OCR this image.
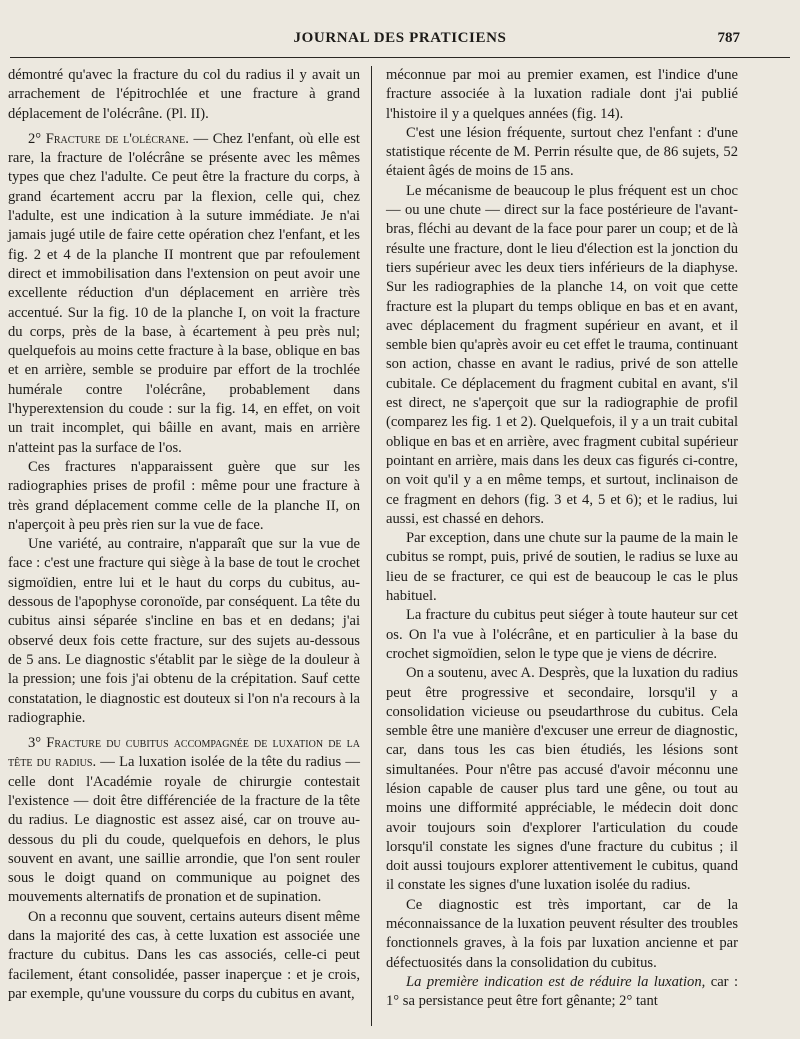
JOURNAL DES PRATICIENS	787

démontré qu'avec la fracture du col du radius il y avait un arrachement de l'épitrochlée et une fracture à grand déplacement de l'olécrâne. (Pl. II).

2° Fracture de l'olécrane. — Chez l'enfant, où elle est rare, la fracture de l'olécrâne se présente avec les mêmes types que chez l'adulte. Ce peut être la fracture du corps, à grand écartement accru par la flexion, celle qui, chez l'adulte, est une indication à la suture immédiate. Je n'ai jamais jugé utile de faire cette opération chez l'enfant, et les fig. 2 et 4 de la planche II montrent que par refoulement direct et immobilisation dans l'extension on peut avoir une excellente réduction d'un déplacement en arrière très accentué. Sur la fig. 10 de la planche I, on voit la fracture du corps, près de la base, à écartement à peu près nul; quelquefois au moins cette fracture à la base, oblique en bas et en arrière, semble se produire par effort de la trochlée humérale contre l'olécrâne, probablement dans l'hyperextension du coude : sur la fig. 14, en effet, on voit un trait incomplet, qui bâille en avant, mais en arrière n'atteint pas la surface de l'os.

Ces fractures n'apparaissent guère que sur les radiographies prises de profil : même pour une fracture à très grand déplacement comme celle de la planche II, on n'aperçoit à peu près rien sur la vue de face.

Une variété, au contraire, n'apparaît que sur la vue de face : c'est une fracture qui siège à la base de tout le crochet sigmoïdien, entre lui et le haut du corps du cubitus, au-dessous de l'apophyse coronoïde, par conséquent. La tête du cubitus ainsi séparée s'incline en bas et en dedans; j'ai observé deux fois cette fracture, sur des sujets au-dessous de 5 ans. Le diagnostic s'établit par le siège de la douleur à la pression; une fois j'ai obtenu de la crépitation. Sauf cette constatation, le diagnostic est douteux si l'on n'a recours à la radiographie.

3° Fracture du cubitus accompagnée de luxation de la tête du radius. — La luxation isolée de la tête du radius — celle dont l'Académie royale de chirurgie contestait l'existence — doit être différenciée de la fracture de la tête du radius. Le diagnostic est assez aisé, car on trouve au-dessous du pli du coude, quelquefois en dehors, le plus souvent en avant, une saillie arrondie, que l'on sent rouler sous le doigt quand on communique au poignet des mouvements alternatifs de pronation et de supination.

On a reconnu que souvent, certains auteurs disent même dans la majorité des cas, à cette luxation est associée une fracture du cubitus. Dans les cas associés, celle-ci peut facilement, étant consolidée, passer inaperçue : et je crois, par exemple, qu'une voussure du corps du cubitus en avant,

méconnue par moi au premier examen, est l'indice d'une fracture associée à la luxation radiale dont j'ai publié l'histoire il y a quelques années (fig. 14).

C'est une lésion fréquente, surtout chez l'enfant : d'une statistique récente de M. Perrin résulte que, de 86 sujets, 52 étaient âgés de moins de 15 ans.

Le mécanisme de beaucoup le plus fréquent est un choc — ou une chute — direct sur la face postérieure de l'avant-bras, fléchi au devant de la face pour parer un coup; et de là résulte une fracture, dont le lieu d'élection est la jonction du tiers supérieur avec les deux tiers inférieurs de la diaphyse. Sur les radiographies de la planche 14, on voit que cette fracture est la plupart du temps oblique en bas et en avant, avec déplacement du fragment supérieur en avant, et il semble bien qu'après avoir eu cet effet le trauma, continuant son action, chasse en avant le radius, privé de son attelle cubitale. Ce déplacement du fragment cubital en avant, s'il est direct, ne s'aperçoit que sur la radiographie de profil (comparez les fig. 1 et 2). Quelquefois, il y a un trait cubital oblique en bas et en arrière, avec fragment cubital supérieur pointant en arrière, mais dans les deux cas figurés ci-contre, on voit qu'il y a en même temps, et surtout, inclinaison de ce fragment en dehors (fig. 3 et 4, 5 et 6); et le radius, lui aussi, est chassé en dehors.

Par exception, dans une chute sur la paume de la main le cubitus se rompt, puis, privé de soutien, le radius se luxe au lieu de se fracturer, ce qui est de beaucoup le cas le plus habituel.

La fracture du cubitus peut siéger à toute hauteur sur cet os. On l'a vue à l'olécrâne, et en particulier à la base du crochet sigmoïdien, selon le type que je viens de décrire.

On a soutenu, avec A. Desprès, que la luxation du radius peut être progressive et secondaire, lorsqu'il y a consolidation vicieuse ou pseudarthrose du cubitus. Cela semble être une manière d'excuser une erreur de diagnostic, car, dans tous les cas bien étudiés, les lésions sont simultanées. Pour n'être pas accusé d'avoir méconnu une lésion capable de causer plus tard une gêne, ou tout au moins une difformité appréciable, le médecin doit donc avoir toujours soin d'explorer l'articulation du coude lorsqu'il constate les signes d'une fracture du cubitus ; il doit aussi toujours explorer attentivement le cubitus, quand il constate les signes d'une luxation isolée du radius.

Ce diagnostic est très important, car de la méconnaissance de la luxation peuvent résulter des troubles fonctionnels graves, à la fois par luxation ancienne et par défectuosités dans la consolidation du cubitus.

La première indication est de réduire la luxation, car : 1° sa persistance peut être fort gênante; 2° tant
